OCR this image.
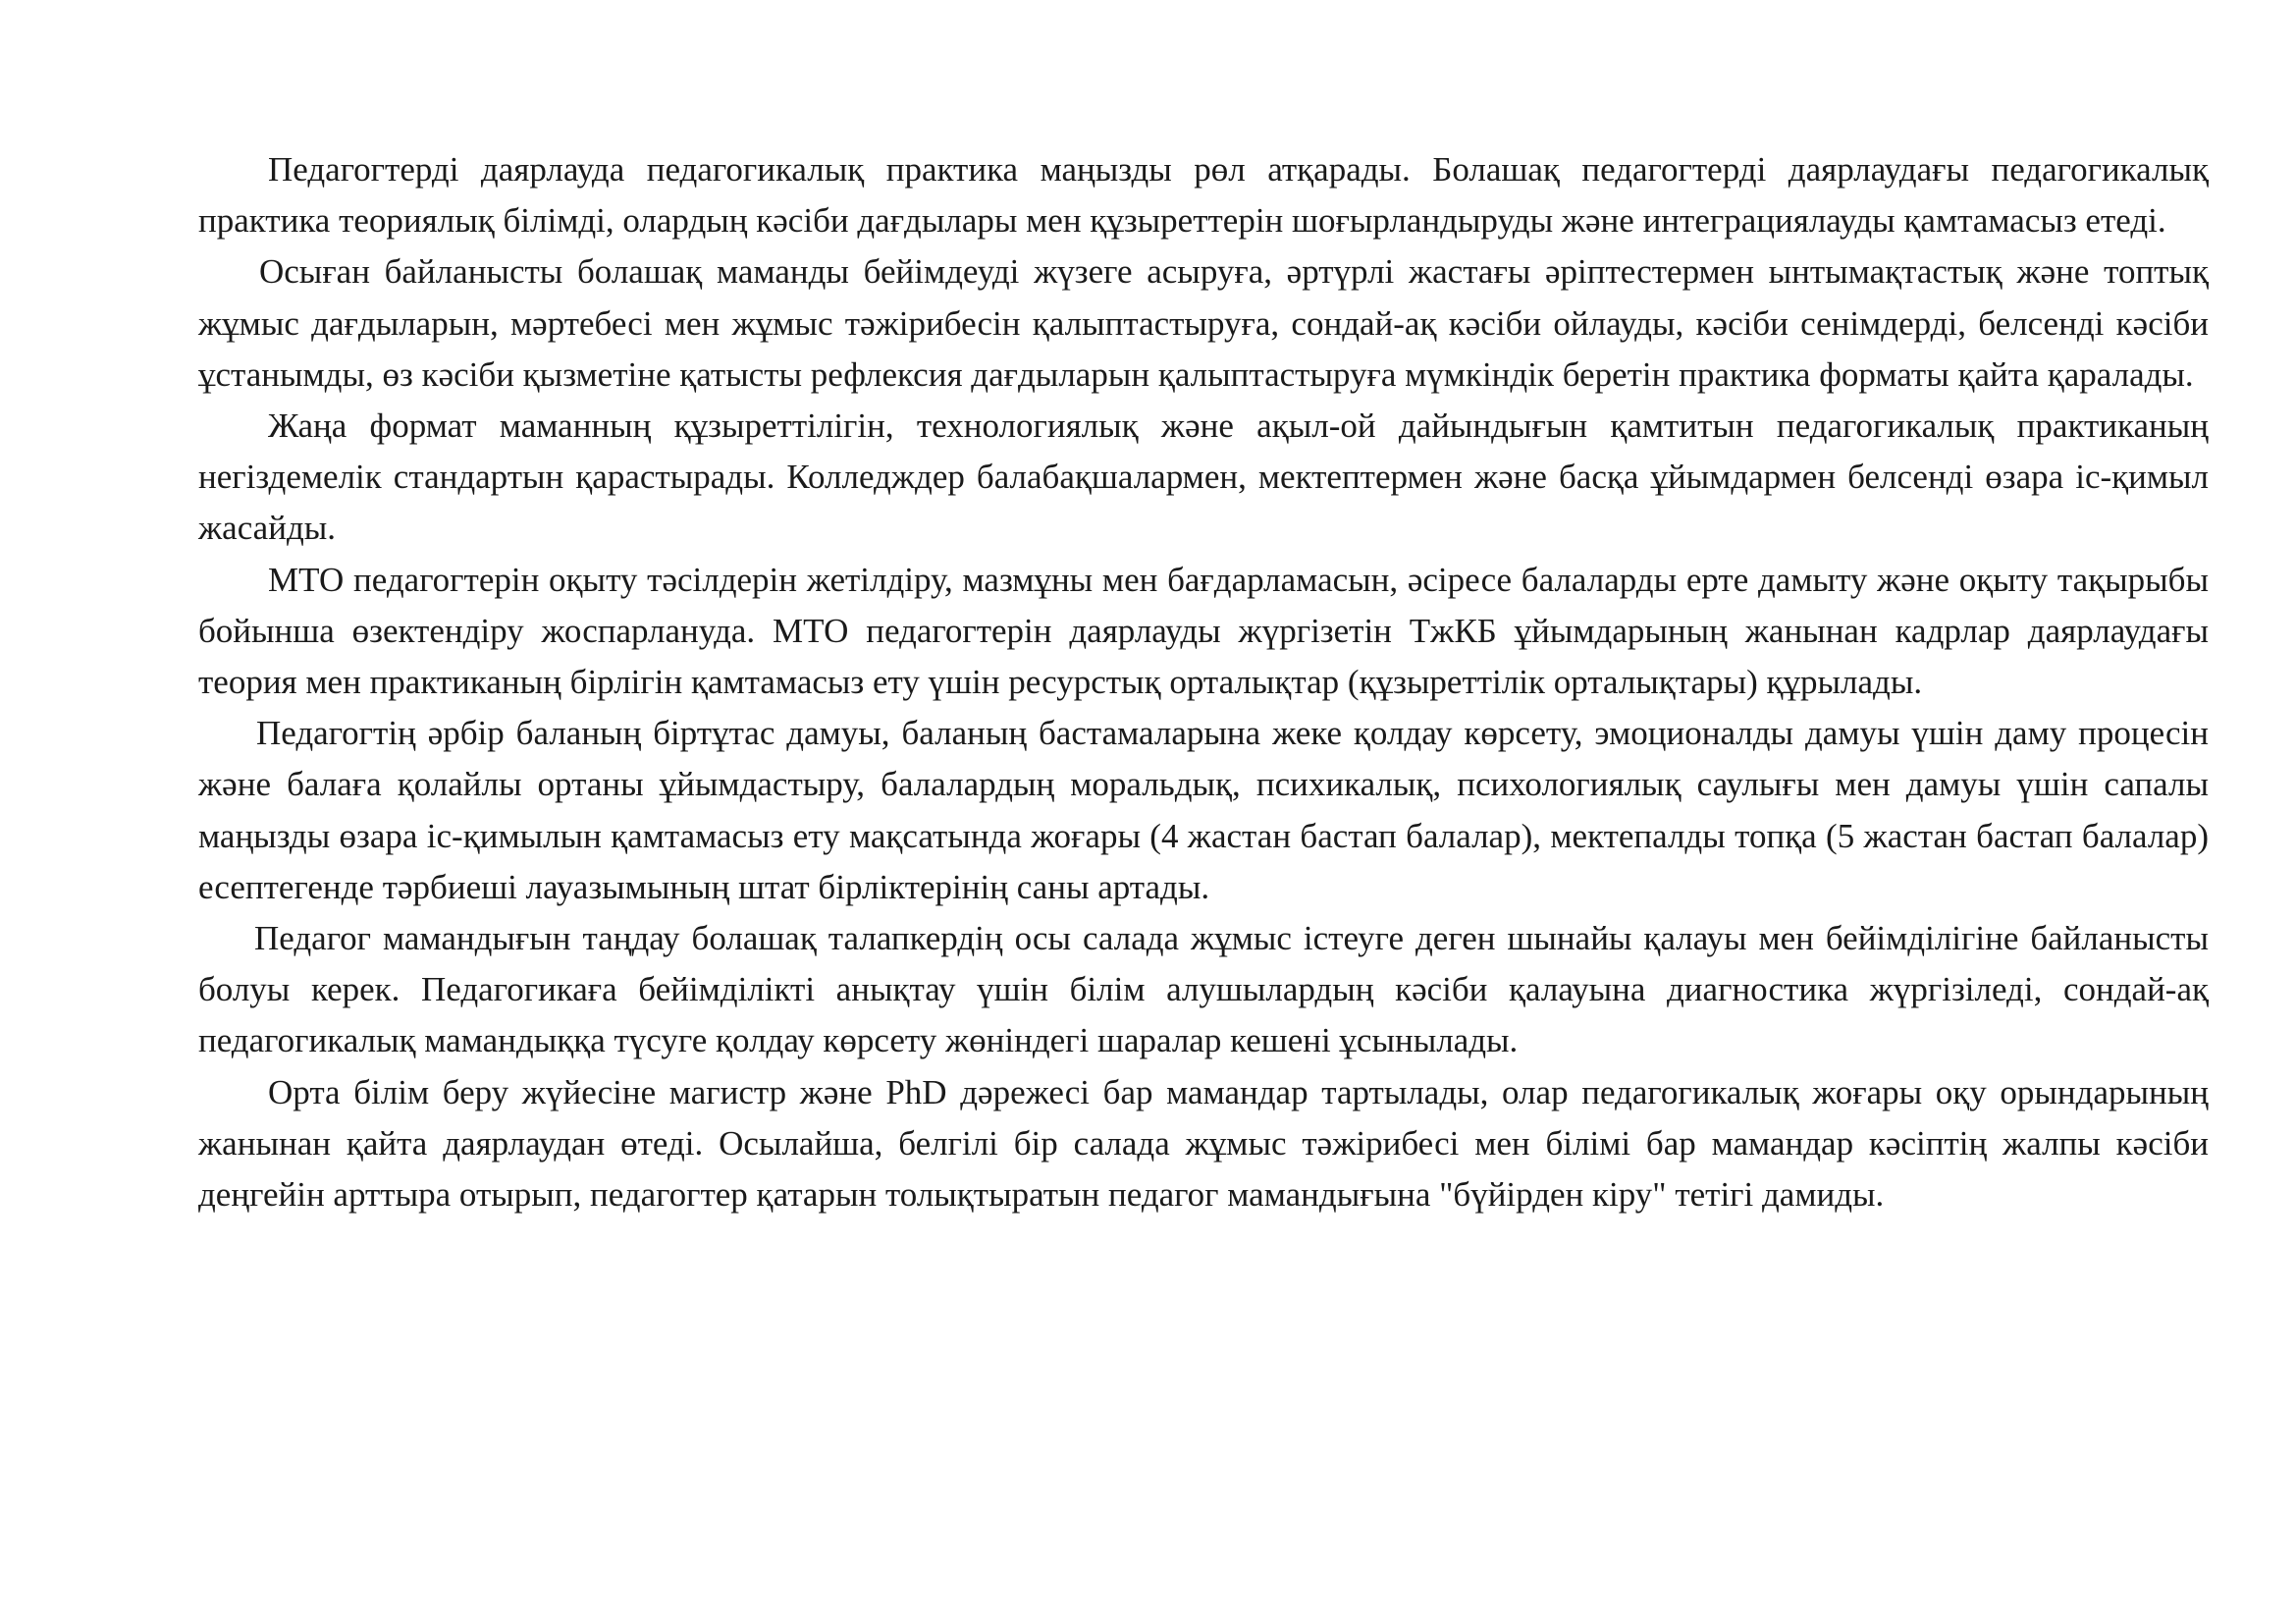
Педагогтерді даярлауда педагогикалық практика маңызды рөл атқарады. Болашақ педагогтерді даярлаудағы педагогикалық практика теориялық білімді, олардың кәсіби дағдылары мен құзыреттерін шоғырландыруды және интеграциялауды қамтамасыз етеді.

Осыған байланысты болашақ маманды бейімдеуді жүзеге асыруға, әртүрлі жастағы әріптестермен ынтымақтастық және топтық жұмыс дағдыларын, мәртебесі мен жұмыс тәжірибесін қалыптастыруға, сондай-ақ кәсіби ойлауды, кәсіби сенімдерді, белсенді кәсіби ұстанымды, өз кәсіби қызметіне қатысты рефлексия дағдыларын қалыптастыруға мүмкіндік беретін практика форматы қайта қаралады.

Жаңа формат маманның құзыреттілігін, технологиялық және ақыл-ой дайындығын қамтитын педагогикалық практиканың негіздемелік стандартын қарастырады. Колледждер балабақшалармен, мектептермен және басқа ұйымдармен белсенді өзара іс-қимыл жасайды.

МТО педагогтерін оқыту тәсілдерін жетілдіру, мазмұны мен бағдарламасын, әсіресе балаларды ерте дамыту және оқыту тақырыбы бойынша өзектендіру жоспарлануда. МТО педагогтерін даярлауды жүргізетін ТжКБ ұйымдарының жанынан кадрлар даярлаудағы теория мен практиканың бірлігін қамтамасыз ету үшін ресурстық орталықтар (құзыреттілік орталықтары) құрылады.

Педагогтің әрбір баланың біртұтас дамуы, баланың бастамаларына жеке қолдау көрсету, эмоционалды дамуы үшін даму процесін және балаға қолайлы ортаны ұйымдастыру, балалардың моральдық, психикалық, психологиялық саулығы мен дамуы үшін сапалы маңызды өзара іс-қимылын қамтамасыз ету мақсатында жоғары (4 жастан бастап балалар), мектепалды топқа (5 жастан бастап балалар) есептегенде тәрбиеші лауазымының штат бірліктерінің саны артады.

Педагог мамандығын таңдау болашақ талапкердің осы салада жұмыс істеуге деген шынайы қалауы мен бейімділігіне байланысты болуы керек. Педагогикаға бейімділікті анықтау үшін білім алушылардың кәсіби қалауына диагностика жүргізіледі, сондай-ақ педагогикалық мамандыққа түсуге қолдау көрсету жөніндегі шаралар кешені ұсынылады.

Орта білім беру жүйесіне магистр және PhD дәрежесі бар мамандар тартылады, олар педагогикалық жоғары оқу орындарының жанынан қайта даярлаудан өтеді. Осылайша, белгілі бір салада жұмыс тәжірибесі мен білімі бар мамандар кәсіптің жалпы кәсіби деңгейін арттыра отырып, педагогтер қатарын толықтыратын педагог мамандығына "бүйірден кіру" тетігі дамиды.
